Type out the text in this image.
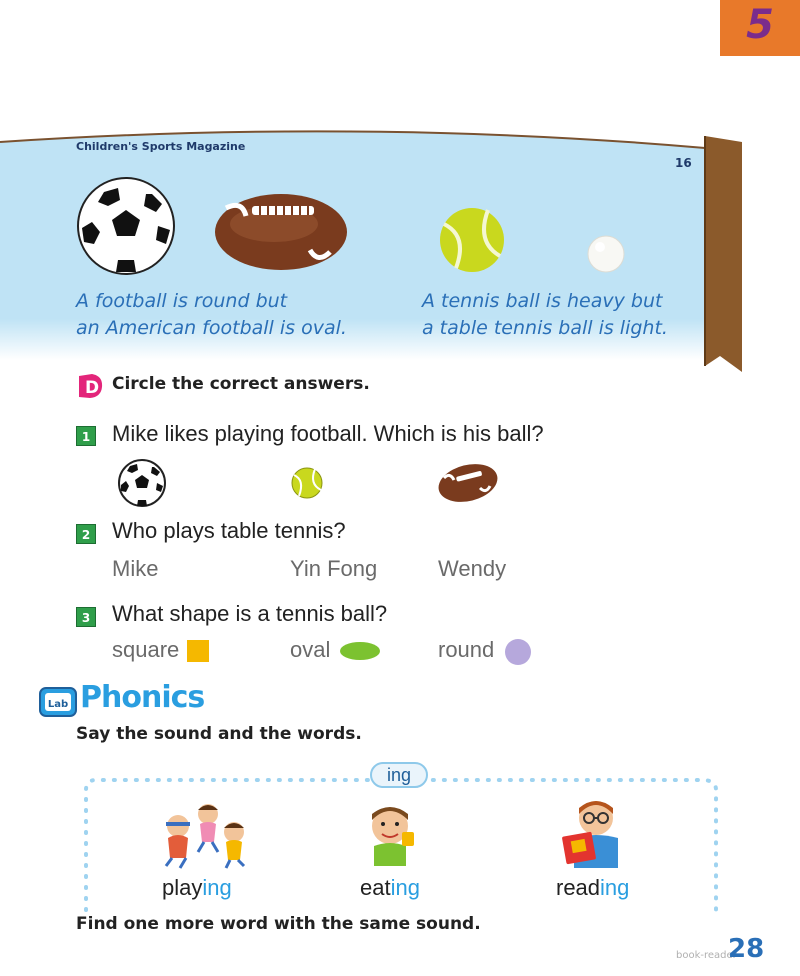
5
Children's Sports Magazine
16
A football is round but
an American football is oval.
A tennis ball is heavy but
a table tennis ball is light.
D Circle the correct answers.
1 Mike likes playing football. Which is his ball?
2 Who plays table tennis?
Mike	Yin Fong	Wendy
3 What shape is a tennis ball?
square	oval	round
Lab Phonics
Say the sound and the words.
ing
playing	eating	reading
Find one more word with the same sound.
book-reader
28
